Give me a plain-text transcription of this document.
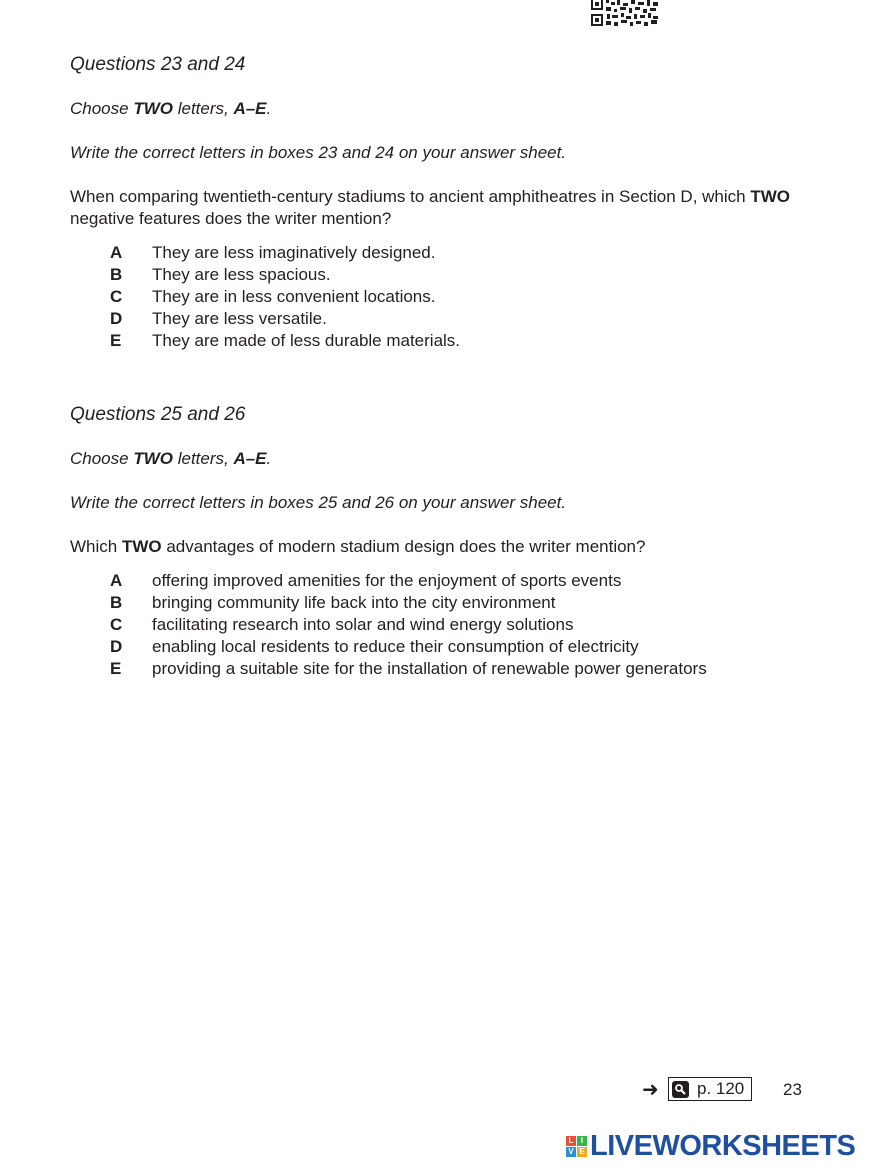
Questions 23 and 24
Choose TWO letters, A–E.
Write the correct letters in boxes 23 and 24 on your answer sheet.
When comparing twentieth-century stadiums to ancient amphitheatres in Section D, which TWO negative features does the writer mention?
A	They are less imaginatively designed.
B	They are less spacious.
C	They are in less convenient locations.
D	They are less versatile.
E	They are made of less durable materials.
Questions 25 and 26
Choose TWO letters, A–E.
Write the correct letters in boxes 25 and 26 on your answer sheet.
Which TWO advantages of modern stadium design does the writer mention?
A	offering improved amenities for the enjoyment of sports events
B	bringing community life back into the city environment
C	facilitating research into solar and wind energy solutions
D	enabling local residents to reduce their consumption of electricity
E	providing a suitable site for the installation of renewable power generators
➜ p. 120 23
L I
V E LIVEWORKSHEETS
